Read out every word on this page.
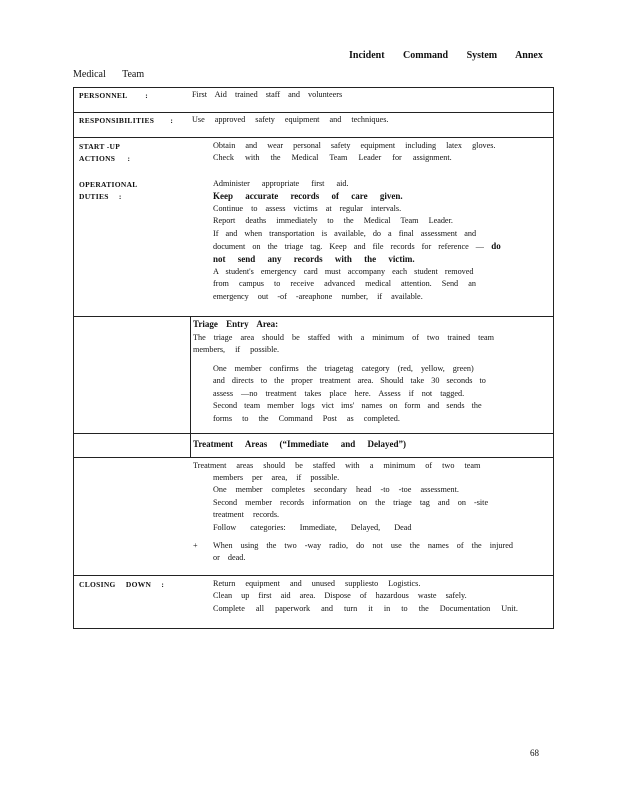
Incident Command System Annex
Medical Team
PERSONNEL :	First Aid trained staff and volunteers
RESPONSIBILITIES : Use approved safety equipment and techniques.
START -UP
ACTIONS :
Obtain and wear personal safety equipment including latex gloves.
Check with the Medical Team Leader for assignment.
OPERATIONAL
DUTIES :
Administer appropriate first aid.
Keep accurate records of care given.
Continue to assess victims at regular intervals.
Report deaths immediately to the Medical Team Leader.
If and when transportation is available, do a final assessment and
document on the triage tag. Keep and file records for reference — do
not send any records with the victim.
A student's emergency card must accompany each student removed
from campus to receive advanced medical attention. Send an
emergency out -of -areaphone number, if available.
Triage Entry Area:
The triage area should be staffed with a minimum of two trained team
members, if possible.
One member confirms the triagetag category (red, yellow, green)
and directs to the proper treatment area. Should take 30 seconds to
assess —no treatment takes place here. Assess if not tagged.
Second team member logs vict ims' names on form and sends the
forms to the Command Post as completed.
Treatment Areas (“Immediate and Delayed”)
Treatment areas should be staffed with a minimum of two team
members per area, if possible.
One member completes secondary head -to -toe assessment.
Second member records information on the triage tag and on -site
treatment records.
Follow categories: Immediate, Delayed, Dead
+ When using the two -way radio, do not use the names of the injured
or dead.
CLOSING DOWN :	Return equipment and unused suppliesto Logistics.
Clean up first aid area. Dispose of hazardous waste safely.
Complete all paperwork and turn it in to the Documentation Unit.
68
